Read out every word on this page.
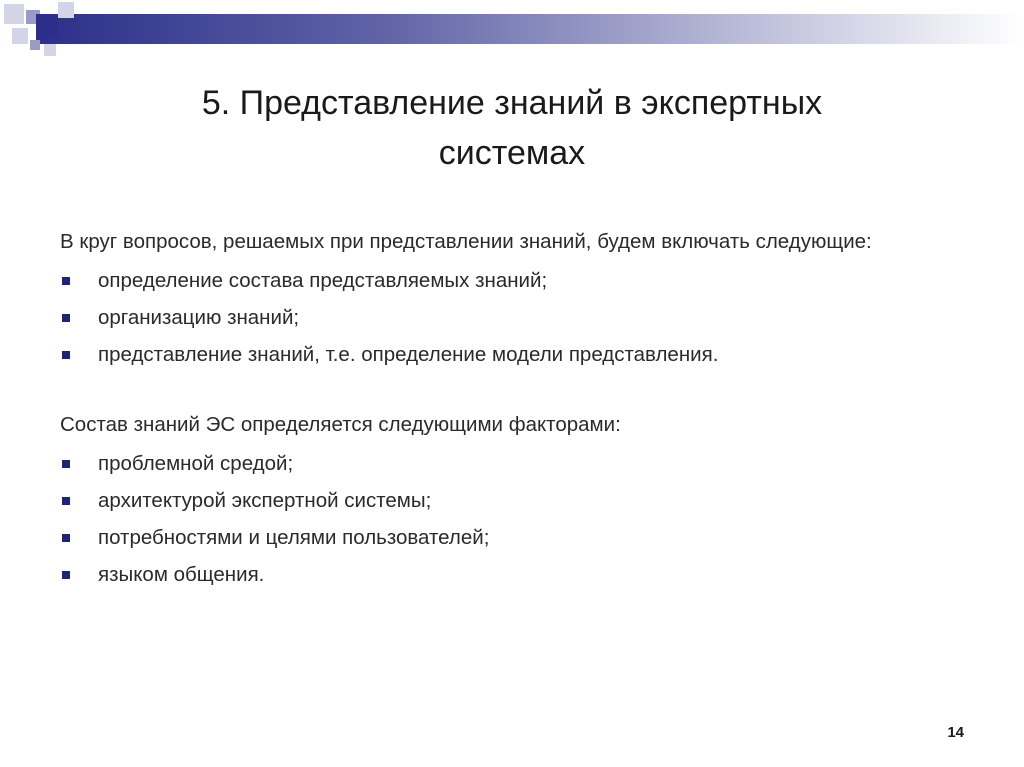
5. Представление знаний в экспертных
системах

В круг вопросов, решаемых при представлении знаний, будем включать следующие:

определение состава представляемых знаний;
организацию знаний;
представление знаний, т.е. определение модели представления.

Состав знаний ЭС определяется следующими факторами:

проблемной средой;
архитектурой экспертной системы;
потребностями и целями пользователей;
языком общения.
14
